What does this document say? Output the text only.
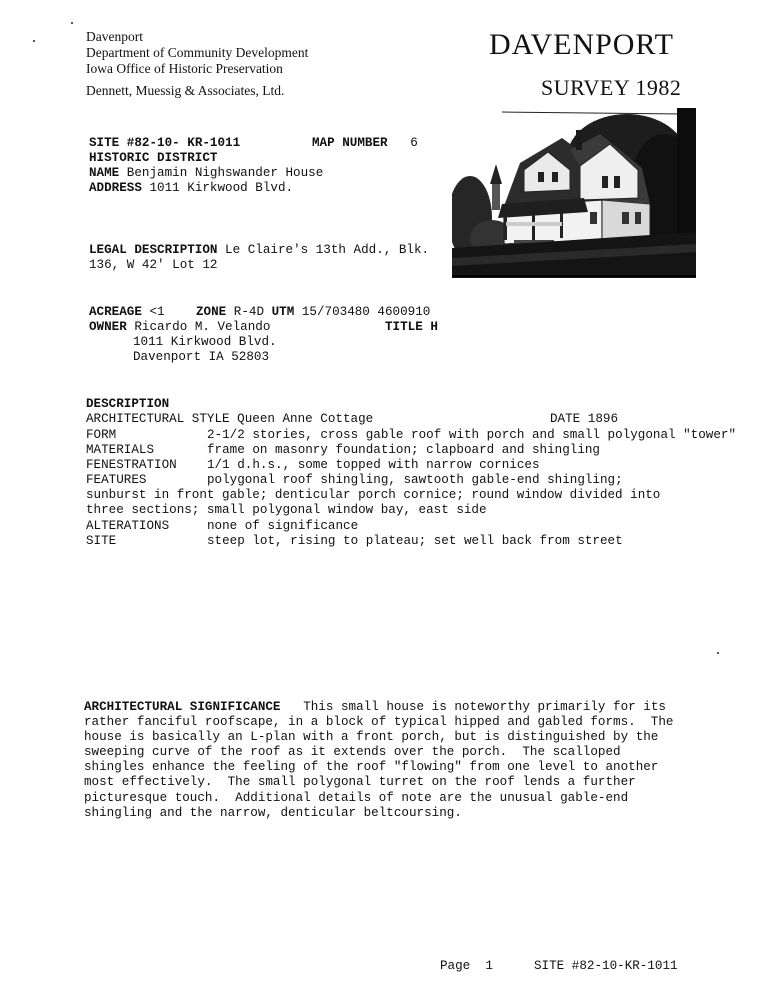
Davenport
Department of Community Development
Iowa Office of Historic Preservation
Dennett, Muessig & Associates, Ltd.
DAVENPORT
SURVEY 1982
SITE #82-10- KR-1011	MAP NUMBER 6
HISTORIC DISTRICT
NAME Benjamin Nighswander House
ADDRESS 1011 Kirkwood Blvd.
LEGAL DESCRIPTION Le Claire's 13th Add., Blk.
136, W 42' Lot 12
ACREAGE <1 ZONE R-4D UTM 15/703480 4600910
OWNER Ricardo M. Velando	TITLE H
1011 Kirkwood Blvd.
Davenport IA 52803
DESCRIPTION
ARCHITECTURAL STYLE Queen Anne Cottage	DATE 1896
FORM	2-1/2 stories, cross gable roof with porch and small polygonal "tower"
MATERIALS	frame on masonry foundation; clapboard and shingling
FENESTRATION 1/1 d.h.s., some topped with narrow cornices
FEATURES	polygonal roof shingling, sawtooth gable-end shingling;
sunburst in front gable; denticular porch cornice; round window divided into
three sections; small polygonal window bay, east side
ALTERATIONS	none of significance
SITE	steep lot, rising to plateau; set well back from street
ARCHITECTURAL SIGNIFICANCE This small house is noteworthy primarily for its
rather fanciful roofscape, in a block of typical hipped and gabled forms.  The
house is basically an L-plan with a front porch, but is distinguished by the
sweeping curve of the roof as it extends over the porch.  The scalloped
shingles enhance the feeling of the roof "flowing" from one level to another
most effectively.  The small polygonal turret on the roof lends a further
picturesque touch.  Additional details of note are the unusual gable-end
shingling and the narrow, denticular beltcoursing.
Page 1	SITE #82-10-KR-1011
